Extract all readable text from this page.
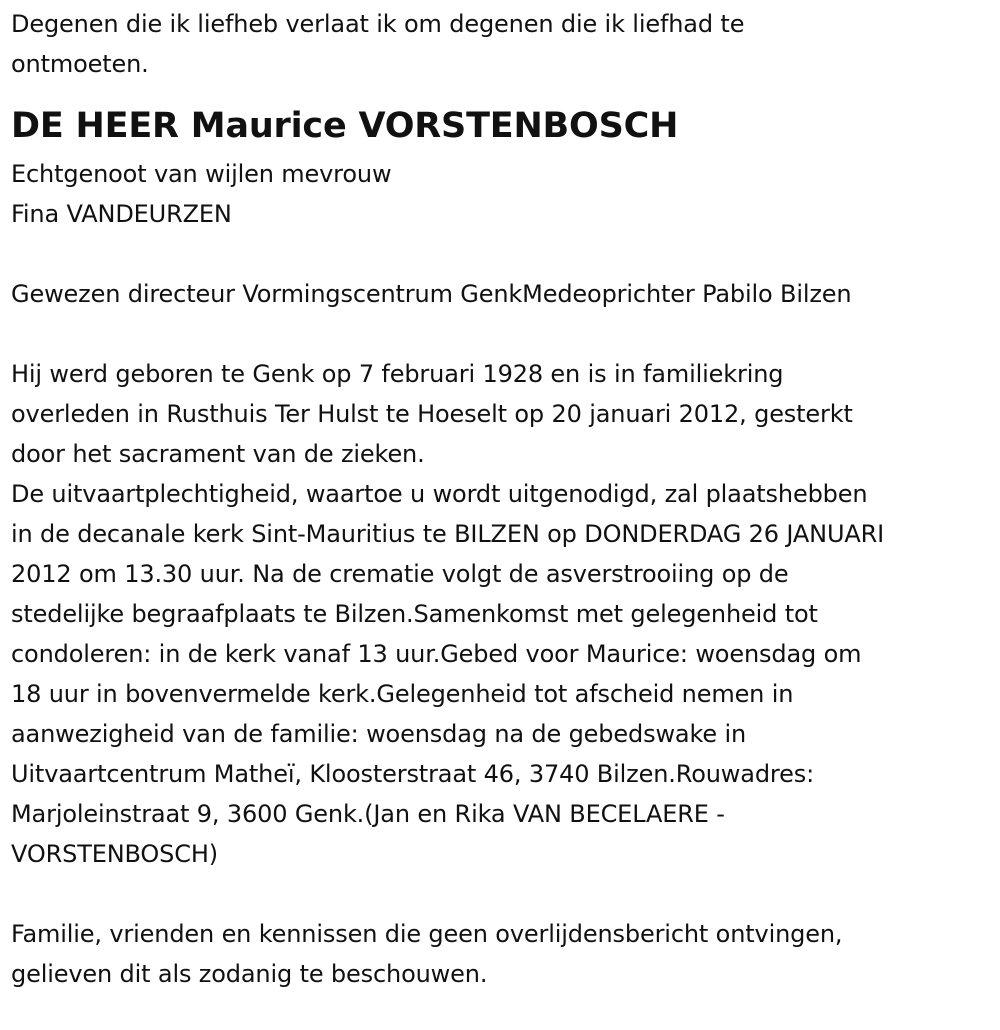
Degenen die ik liefheb verlaat ik om degenen die ik liefhad te
ontmoeten.
DE HEER Maurice VORSTENBOSCH
Echtgenoot van wijlen mevrouw
Fina VANDEURZEN
Gewezen directeur Vormingscentrum GenkMedeoprichter Pabilo Bilzen
Hij werd geboren te Genk op 7 februari 1928 en is in familiekring
overleden in Rusthuis Ter Hulst te Hoeselt op 20 januari 2012, gesterkt
door het sacrament van de zieken.
De uitvaartplechtigheid, waartoe u wordt uitgenodigd, zal plaatshebben
in de decanale kerk Sint-Mauritius te BILZEN op DONDERDAG 26 JANUARI
2012 om 13.30 uur. Na de crematie volgt de asverstrooiing op de
stedelijke begraafplaats te Bilzen.Samenkomst met gelegenheid tot
condoleren: in de kerk vanaf 13 uur.Gebed voor Maurice: woensdag om
18 uur in bovenvermelde kerk.Gelegenheid tot afscheid nemen in
aanwezigheid van de familie: woensdag na de gebedswake in
Uitvaartcentrum Matheï, Kloosterstraat 46, 3740 Bilzen.Rouwadres:
Marjoleinstraat 9, 3600 Genk.(Jan en Rika VAN BECELAERE -
VORSTENBOSCH)
Familie, vrienden en kennissen die geen overlijdensbericht ontvingen,
gelieven dit als zodanig te beschouwen.
